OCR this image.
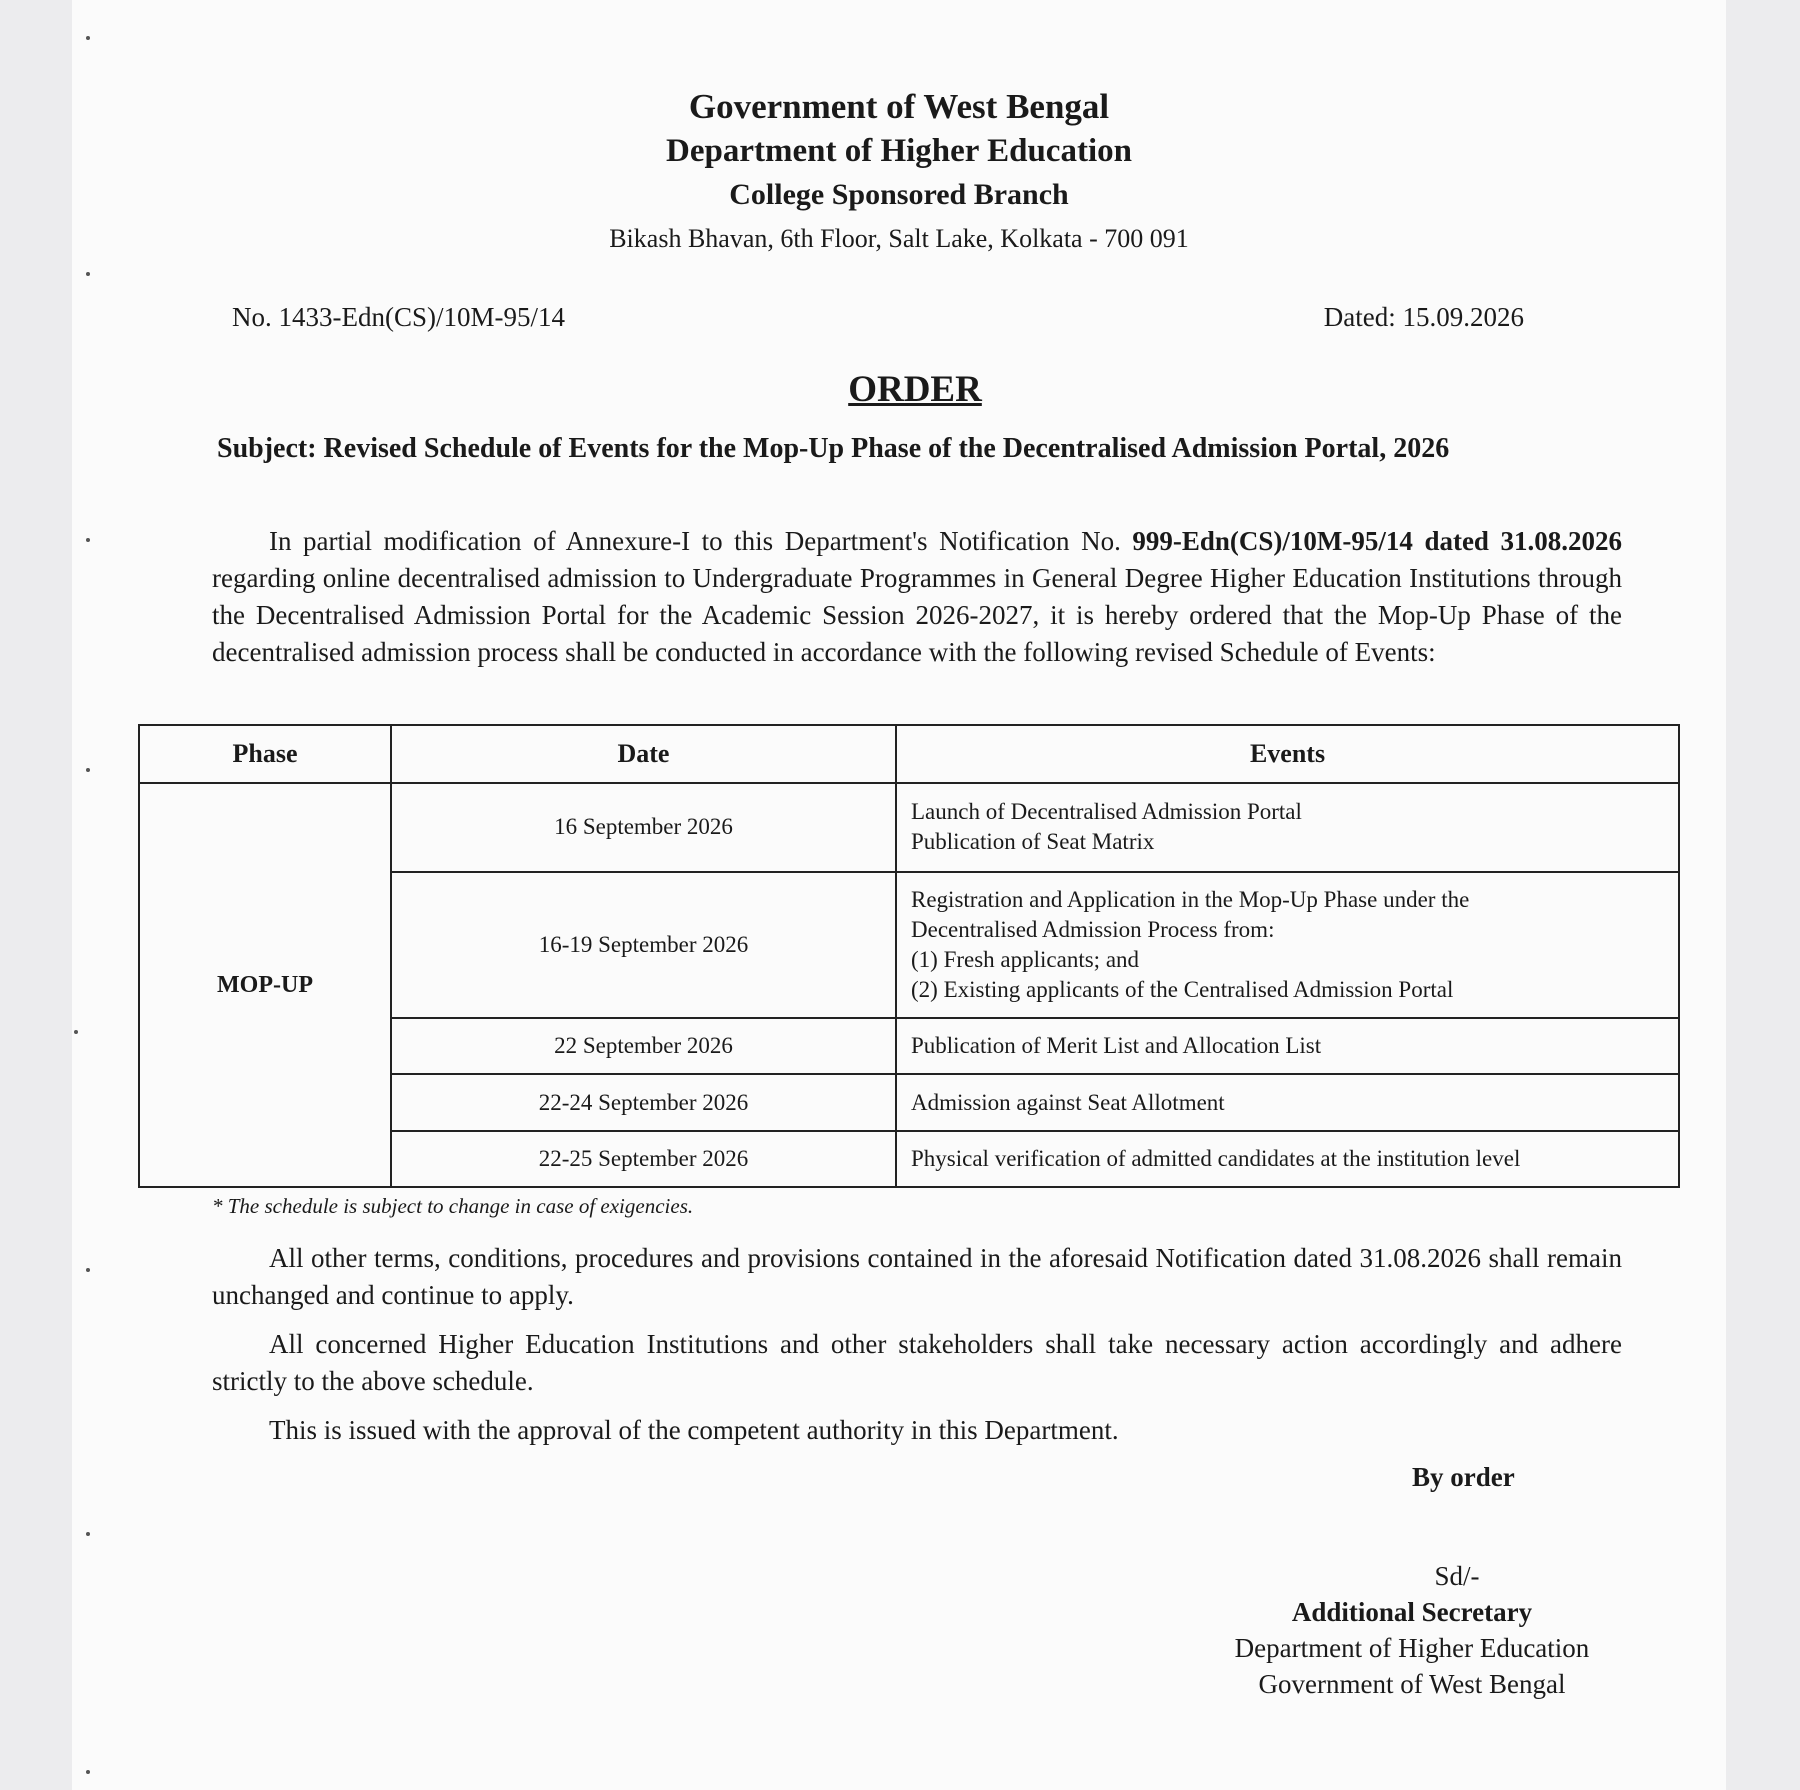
Government of West Bengal
Department of Higher Education
College Sponsored Branch
Bikash Bhavan, 6th Floor, Salt Lake, Kolkata - 700 091
No. 1433-Edn(CS)/10M-95/14	Dated: 15.09.2026
ORDER
Subject: Revised Schedule of Events for the Mop-Up Phase of the Decentralised Admission Portal, 2026
In partial modification of Annexure-I to this Department's Notification No. 999-Edn(CS)/10M-95/14 dated 31.08.2026 regarding online decentralised admission to Undergraduate Programmes in General Degree Higher Education Institutions through the Decentralised Admission Portal for the Academic Session 2026-2027, it is hereby ordered that the Mop-Up Phase of the decentralised admission process shall be conducted in accordance with the following revised Schedule of Events:
Phase	Date	Events
MOP-UP	16 September 2026	Launch of Decentralised Admission Portal
Publication of Seat Matrix

	16-19 September 2026	Registration and Application in the Mop-Up Phase under the
Decentralised Admission Process from:
(1) Fresh applicants; and
(2) Existing applicants of the Centralised Admission Portal

	22 September 2026	Publication of Merit List and Allocation List

	22-24 September 2026	Admission against Seat Allotment

	22-25 September 2026	Physical verification of admitted candidates at the institution level
* The schedule is subject to change in case of exigencies.
All other terms, conditions, procedures and provisions contained in the aforesaid Notification dated 31.08.2026 shall remain unchanged and continue to apply.
All concerned Higher Education Institutions and other stakeholders shall take necessary action accordingly and adhere strictly to the above schedule.
This is issued with the approval of the competent authority in this Department.
By order
Sd/-
Additional Secretary
Department of Higher Education
Government of West Bengal
